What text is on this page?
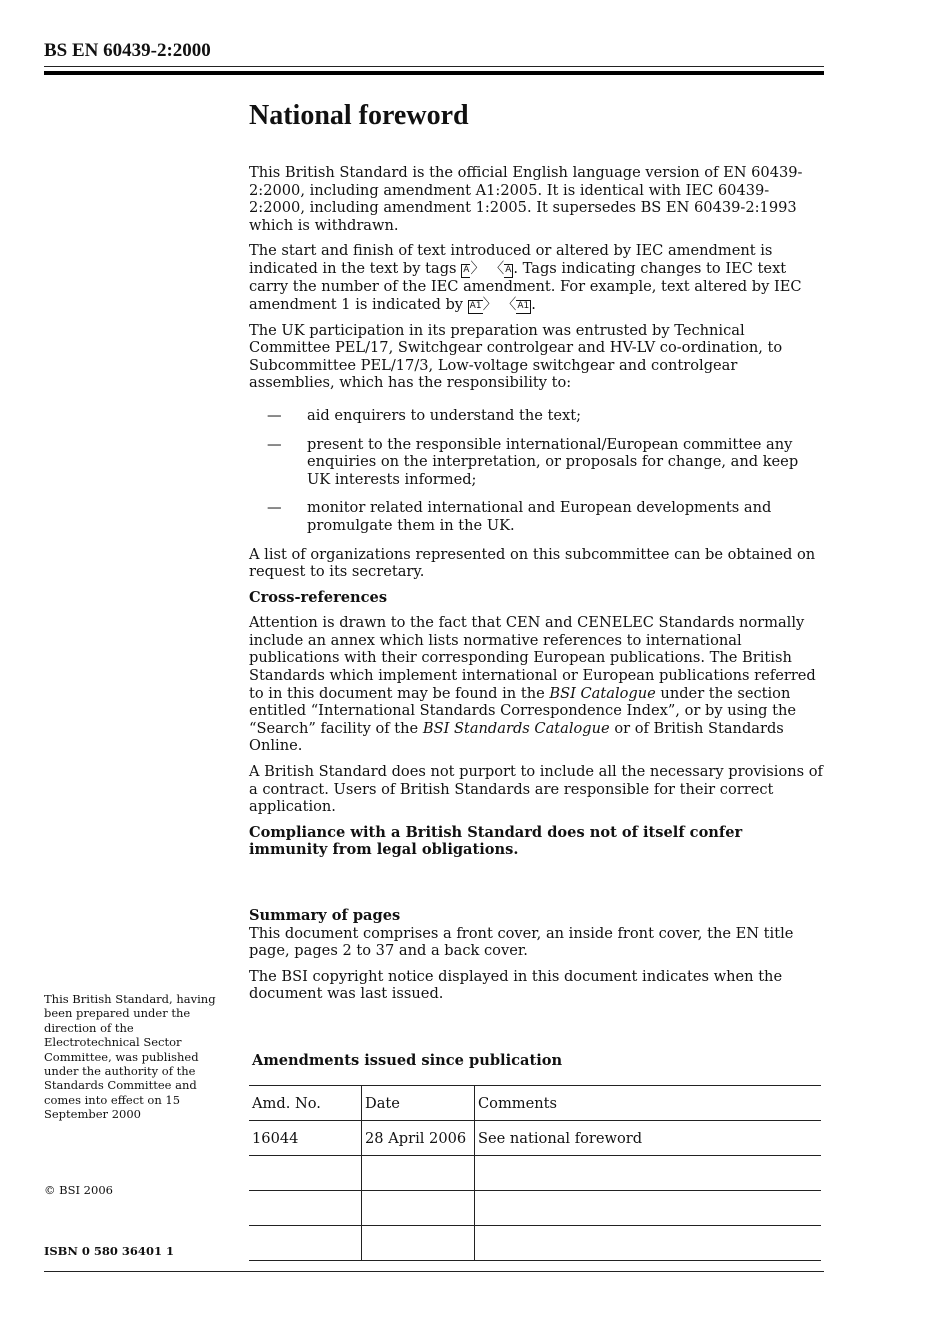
BS EN 60439-2:2000
National foreword

This British Standard is the official English language version of EN 60439-2:2000, including amendment A1:2005. It is identical with IEC 60439-2:2000, including amendment 1:2005. It supersedes BS EN 60439-2:1993 which is withdrawn.

The start and finish of text introduced or altered by IEC amendment is indicated in the text by tags A〉 〈A . Tags indicating changes to IEC text carry the number of the IEC amendment. For example, text altered by IEC amendment 1 is indicated by A1〉 〈A1 .

The UK participation in its preparation was entrusted by Technical Committee PEL/17, Switchgear controlgear and HV-LV co-ordination, to Subcommittee PEL/17/3, Low-voltage switchgear and controlgear assemblies, which has the responsibility to:

— aid enquirers to understand the text;
— present to the responsible international/European committee any enquiries on the interpretation, or proposals for change, and keep UK interests informed;
— monitor related international and European developments and promulgate them in the UK.

A list of organizations represented on this subcommittee can be obtained on request to its secretary.

Cross-references

Attention is drawn to the fact that CEN and CENELEC Standards normally include an annex which lists normative references to international publications with their corresponding European publications. The British Standards which implement international or European publications referred to in this document may be found in the BSI Catalogue under the section entitled “International Standards Correspondence Index”, or by using the “Search” facility of the BSI Standards Catalogue or of British Standards Online.

A British Standard does not purport to include all the necessary provisions of a contract. Users of British Standards are responsible for their correct application.

Compliance with a British Standard does not of itself confer immunity from legal obligations.

Summary of pages

This document comprises a front cover, an inside front cover, the EN title page, pages 2 to 37 and a back cover.

The BSI copyright notice displayed in this document indicates when the document was last issued.

Amendments issued since publication
Amd. No.	Date	Comments
16044	28 April 2006	See national foreword

This British Standard, having been prepared under the direction of the Electrotechnical Sector Committee, was published under the authority of the Standards Committee and comes into effect on 15 September 2000
© BSI 2006
ISBN 0 580 36401 1
